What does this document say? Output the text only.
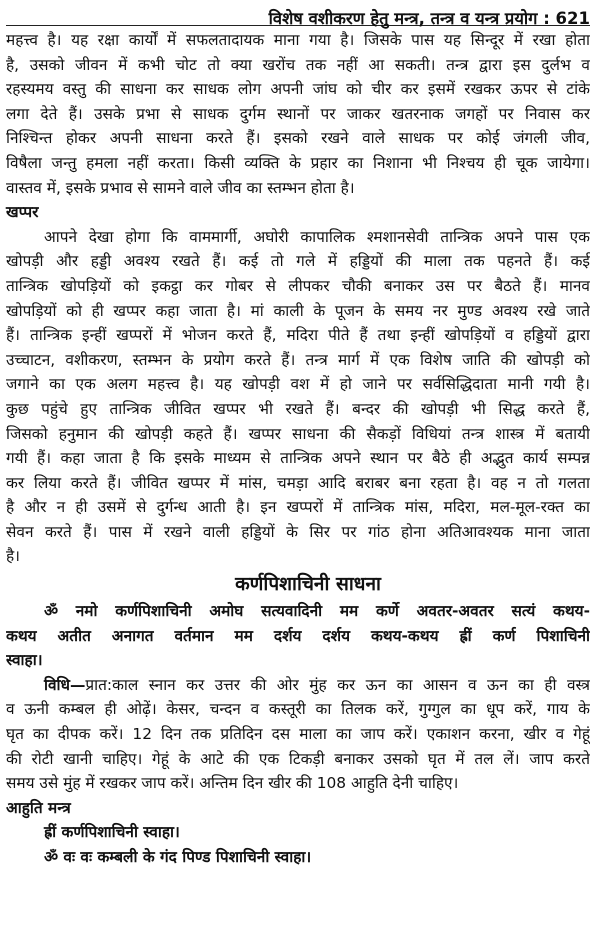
विशेष वशीकरण हेतु मन्त्र, तन्त्र व यन्त्र प्रयोग : 621
महत्त्व है। यह रक्षा कार्यों में सफलतादायक माना गया है। जिसके पास यह सिन्दूर में रखा होता
है, उसको जीवन में कभी चोट तो क्या खरोंच तक नहीं आ सकती। तन्त्र द्वारा इस दुर्लभ व
रहस्यमय वस्तु की साधना कर साधक लोग अपनी जांघ को चीर कर इसमें रखकर ऊपर से टांके
लगा देते हैं। उसके प्रभा से साधक दुर्गम स्थानों पर जाकर खतरनाक जगहों पर निवास कर
निश्चिन्त होकर अपनी साधना करते हैं। इसको रखने वाले साधक पर कोई जंगली जीव,
विषैला जन्तु हमला नहीं करता। किसी व्यक्ति के प्रहार का निशाना भी निश्चय ही चूक जायेगा।
वास्तव में, इसके प्रभाव से सामने वाले जीव का स्तम्भन होता है।
खप्पर
आपने देखा होगा कि वाममार्गी, अघोरी कापालिक श्मशानसेवी तान्त्रिक अपने पास एक
खोपड़ी और हड्डी अवश्य रखते हैं। कई तो गले में हड्डियों की माला तक पहनते हैं। कई
तान्त्रिक खोपड़ियों को इकट्ठा कर गोबर से लीपकर चौकी बनाकर उस पर बैठते हैं। मानव
खोपड़ियों को ही खप्पर कहा जाता है। मां काली के पूजन के समय नर मुण्ड अवश्य रखे जाते
हैं। तान्त्रिक इन्हीं खप्परों में भोजन करते हैं, मदिरा पीते हैं तथा इन्हीं खोपड़ियों व हड्डियों द्वारा
उच्चाटन, वशीकरण, स्तम्भन के प्रयोग करते हैं। तन्त्र मार्ग में एक विशेष जाति की खोपड़ी को
जगाने का एक अलग महत्त्व है। यह खोपड़ी वश में हो जाने पर सर्वसिद्धिदाता मानी गयी है।
कुछ पहुंचे हुए तान्त्रिक जीवित खप्पर भी रखते हैं। बन्दर की खोपड़ी भी सिद्ध करते हैं,
जिसको हनुमान की खोपड़ी कहते हैं। खप्पर साधना की सैकड़ों विधियां तन्त्र शास्त्र में बतायी
गयी हैं। कहा जाता है कि इसके माध्यम से तान्त्रिक अपने स्थान पर बैठे ही अद्भुत कार्य सम्पन्न
कर लिया करते हैं। जीवित खप्पर में मांस, चमड़ा आदि बराबर बना रहता है। वह न तो गलता
है और न ही उसमें से दुर्गन्ध आती है। इन खप्परों में तान्त्रिक मांस, मदिरा, मल-मूल-रक्त का
सेवन करते हैं। पास में रखने वाली हड्डियों के सिर पर गांठ होना अतिआवश्यक माना जाता
है।
कर्णपिशाचिनी साधना
ॐ नमो कर्णपिशाचिनी अमोघ सत्यवादिनी मम कर्णे अवतर-अवतर सत्यं कथय-
कथय अतीत अनागत वर्तमान मम दर्शय दर्शय कथय-कथय ह्रीं कर्ण पिशाचिनी
स्वाहा।
विधि—प्रात:काल स्नान कर उत्तर की ओर मुंह कर ऊन का आसन व ऊन का ही वस्त्र
व ऊनी कम्बल ही ओढ़ें। केसर, चन्दन व कस्तूरी का तिलक करें, गुग्गुल का धूप करें, गाय के
घृत का दीपक करें। 12 दिन तक प्रतिदिन दस माला का जाप करें। एकाशन करना, खीर व गेहूं
की रोटी खानी चाहिए। गेहूं के आटे की एक टिकड़ी बनाकर उसको घृत में तल लें। जाप करते
समय उसे मुंह में रखकर जाप करें। अन्तिम दिन खीर की 108 आहुति देनी चाहिए।
आहुति मन्त्र
ह्रीं कर्णपिशाचिनी स्वाहा।
ॐ वः वः कम्बली के गंद पिण्ड पिशाचिनी स्वाहा।
